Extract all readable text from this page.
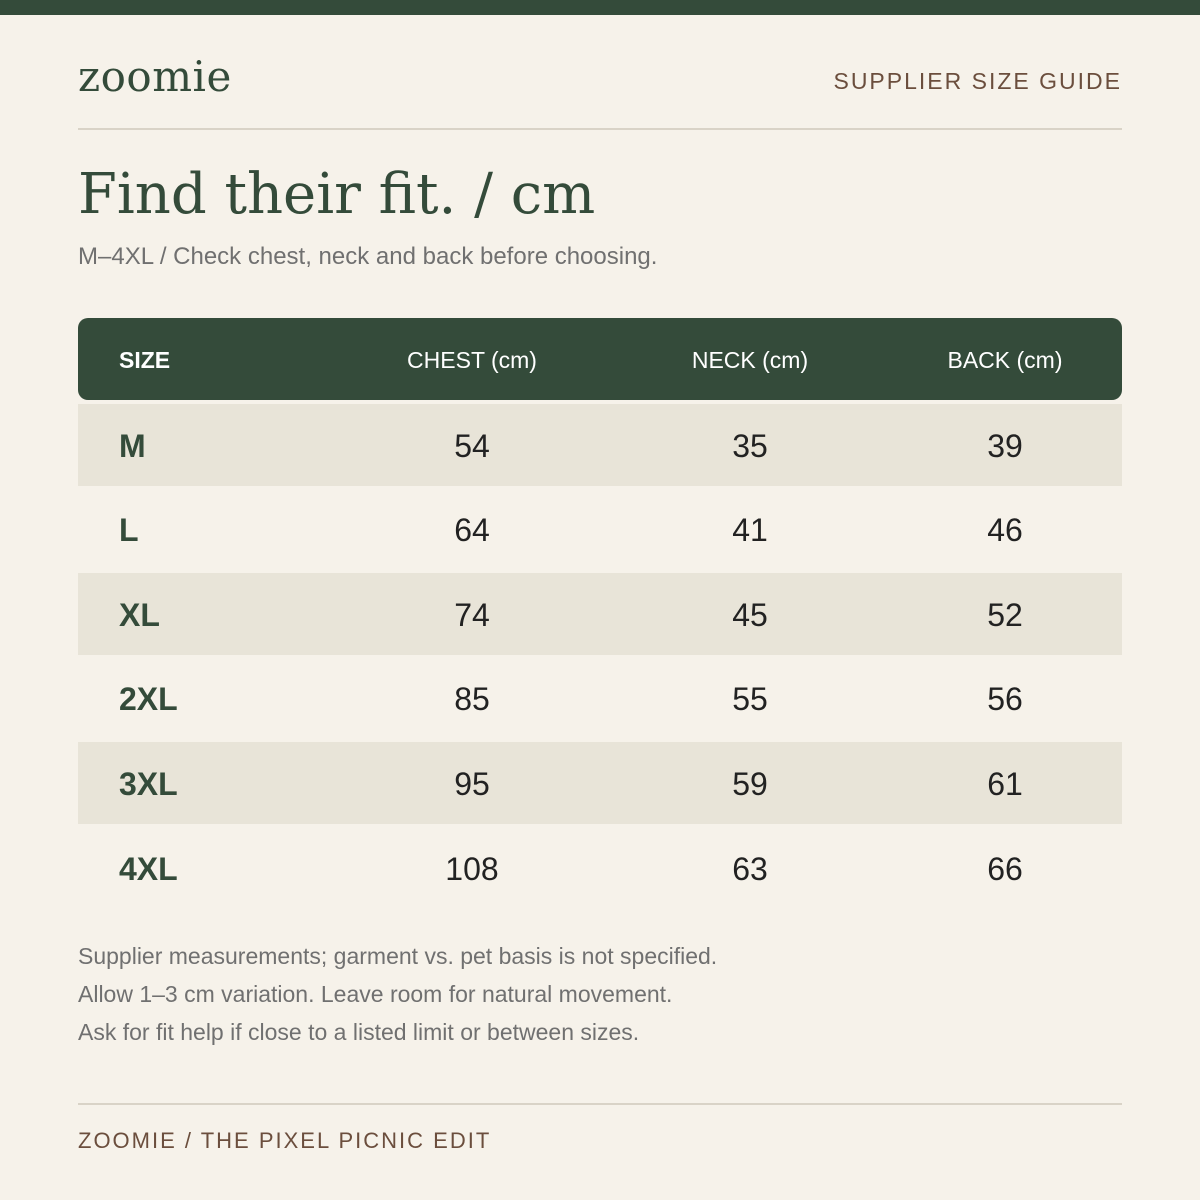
zoomie	SUPPLIER SIZE GUIDE
Find their fit. / cm
M–4XL / Check chest, neck and back before choosing.
SIZE	CHEST (cm)	NECK (cm)	BACK (cm)
M	54	35	39
L	64	41	46
XL	74	45	52
2XL	85	55	56
3XL	95	59	61
4XL	108	63	66
Supplier measurements; garment vs. pet basis is not specified.
Allow 1–3 cm variation. Leave room for natural movement.
Ask for fit help if close to a listed limit or between sizes.
ZOOMIE / THE PIXEL PICNIC EDIT
